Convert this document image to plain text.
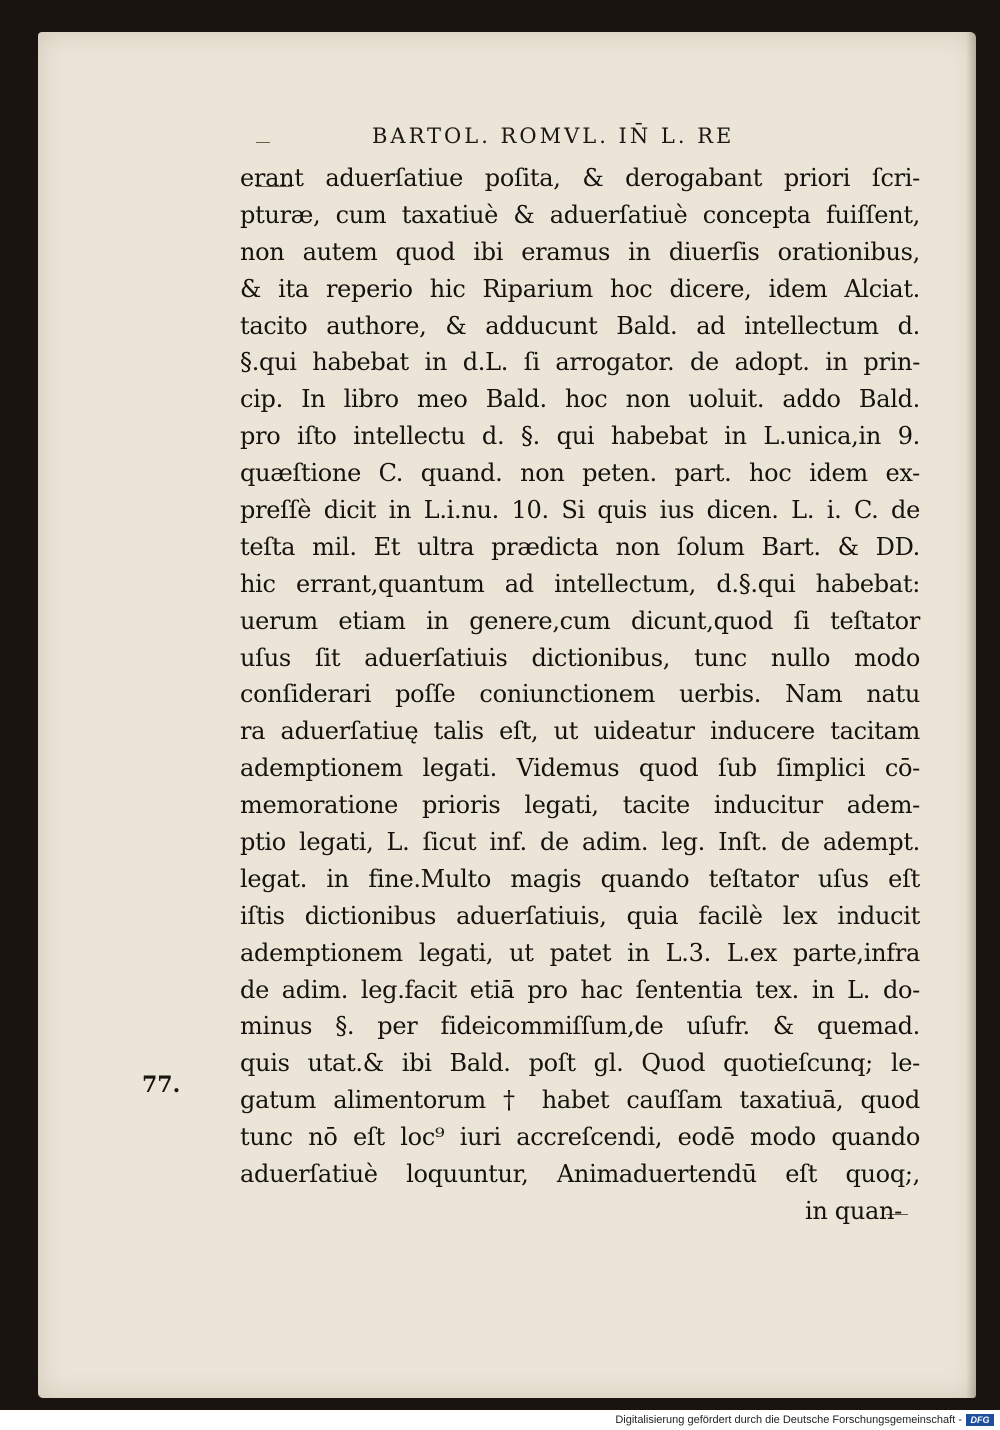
BARTOL. ROMVL. IN̄ L. RE
erant aduerſatiue poſita, & derogabant priori ſcri-
pturæ, cum taxatiuè & aduerſatiuè concepta fuiſſent,
non autem quod ibi eramus in diuerſis orationibus,
& ita reperio hic Riparium hoc dicere, idem Alciat.
tacito authore, & adducunt Bald. ad intellectum d.
§.qui habebat in d.L. ſi arrogator. de adopt. in prin-
cip. In libro meo Bald. hoc non uoluit. addo Bald.
pro iſto intellectu d. §. qui habebat in L.unica,in 9.
quæſtione C. quand. non peten. part. hoc idem ex-
preſſè dicit in L.i.nu. 10. Si quis ius dicen. L. i. C. de
teſta mil. Et ultra prædicta non ſolum Bart. & DD.
hic errant,quantum ad intellectum, d.§.qui habebat:
uerum etiam in genere,cum dicunt,quod ſi teſtator
uſus ſit aduerſatiuis dictionibus, tunc nullo modo
conſiderari poſſe coniunctionem uerbis. Nam natu
ra aduerſatiuę talis eſt, ut uideatur inducere tacitam
ademptionem legati. Videmus quod ſub ſimplici cō-
memoratione prioris legati, tacite inducitur adem-
ptio legati, L. ſicut inf. de adim. leg. Inſt. de adempt.
legat. in fine.Multo magis quando teſtator uſus eſt
iſtis dictionibus aduerſatiuis, quia facilè lex inducit
ademptionem legati, ut patet in L.3. L.ex parte,infra
de adim. leg.facit etiā pro hac ſententia tex. in L. do-
minus §. per fideicommiſſum,de uſufr. & quemad.
quis utat.& ibi Bald. poſt gl. Quod quotieſcunq; le-
gatum alimentorum † habet cauſſam taxatiuā, quod
tunc nō eſt loc⁹ iuri accreſcendi, eodē modo quando
aduerſatiuè loquuntur, Animaduertendū eſt quoq;,
in quan-
77.
Digitalisierung gefördert durch die Deutsche Forschungsgemeinschaft - DFG
